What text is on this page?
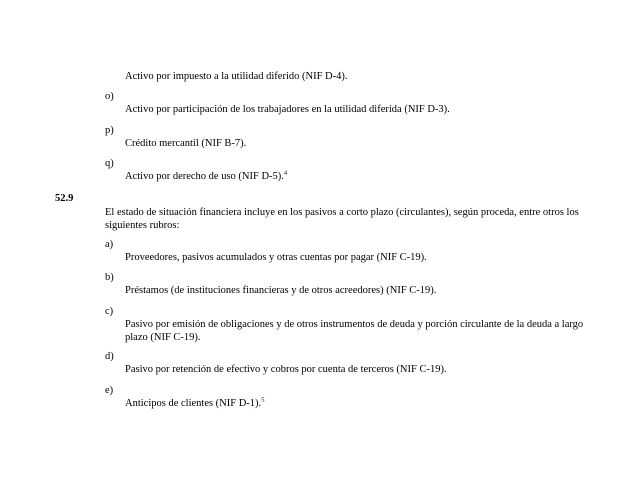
Activo por impuesto a la utilidad diferido (NIF D-4).
o)
Activo por participación de los trabajadores en la utilidad diferida (NIF D-3).
p)
Crédito mercantil (NIF B-7).
q)
Activo por derecho de uso (NIF D-5).$^4$
52.9
El estado de situación financiera incluye en los pasivos a corto plazo (circulantes), según proceda, entre otros los siguientes rubros:
a)
Proveedores, pasivos acumulados y otras cuentas por pagar (NIF C-19).
b)
Préstamos (de instituciones financieras y de otros acreedores) (NIF C-19).
c)
Pasivo por emisión de obligaciones y de otros instrumentos de deuda y porción circulante de la deuda a largo plazo (NIF C-19).
d)
Pasivo por retención de efectivo y cobros por cuenta de terceros (NIF C-19).
e)
Anticipos de clientes (NIF D-1).$^5$
